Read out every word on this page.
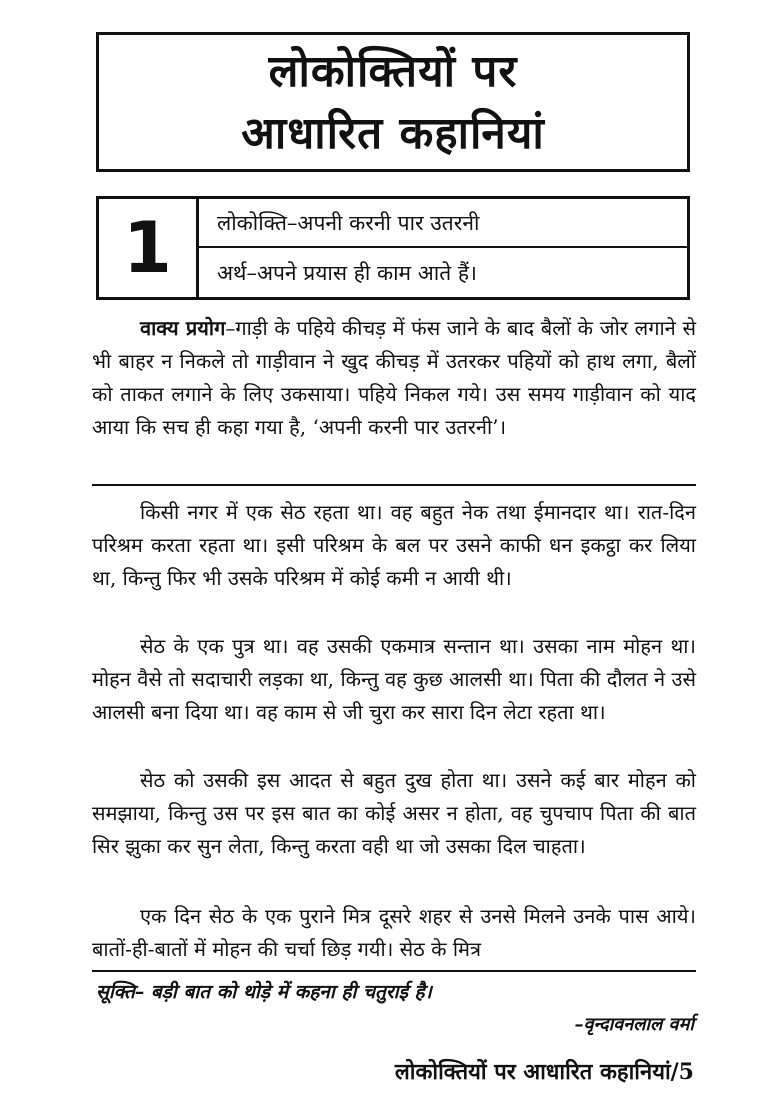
लोकोक्तियों पर
आधारित कहानियां
1	लोकोक्ति–अपनी करनी पार उतरनी
अर्थ–अपने प्रयास ही काम आते हैं।

वाक्य प्रयोग–गाड़ी के पहिये कीचड़ में फंस जाने के बाद बैलों के जोर लगाने से भी बाहर न निकले तो गाड़ीवान ने खुद कीचड़ में उतरकर पहियों को हाथ लगा, बैलों को ताकत लगाने के लिए उकसाया। पहिये निकल गये। उस समय गाड़ीवान को याद आया कि सच ही कहा गया है, ‘अपनी करनी पार उतरनी’।

किसी नगर में एक सेठ रहता था। वह बहुत नेक तथा ईमानदार था। रात-दिन परिश्रम करता रहता था। इसी परिश्रम के बल पर उसने काफी धन इकट्ठा कर लिया था, किन्तु फिर भी उसके परिश्रम में कोई कमी न आयी थी।

सेठ के एक पुत्र था। वह उसकी एकमात्र सन्तान था। उसका नाम मोहन था। मोहन वैसे तो सदाचारी लड़का था, किन्तु वह कुछ आलसी था। पिता की दौलत ने उसे आलसी बना दिया था। वह काम से जी चुरा कर सारा दिन लेटा रहता था।

सेठ को उसकी इस आदत से बहुत दुख होता था। उसने कई बार मोहन को समझाया, किन्तु उस पर इस बात का कोई असर न होता, वह चुपचाप पिता की बात सिर झुका कर सुन लेता, किन्तु करता वही था जो उसका दिल चाहता।

एक दिन सेठ के एक पुराने मित्र दूसरे शहर से उनसे मिलने उनके पास आये। बातों-ही-बातों में मोहन की चर्चा छिड़ गयी। सेठ के मित्र

सूक्ति– बड़ी बात को थोड़े में कहना ही चतुराई है।
–वृन्दावनलाल वर्मा
लोकोक्तियों पर आधारित कहानियां/5
